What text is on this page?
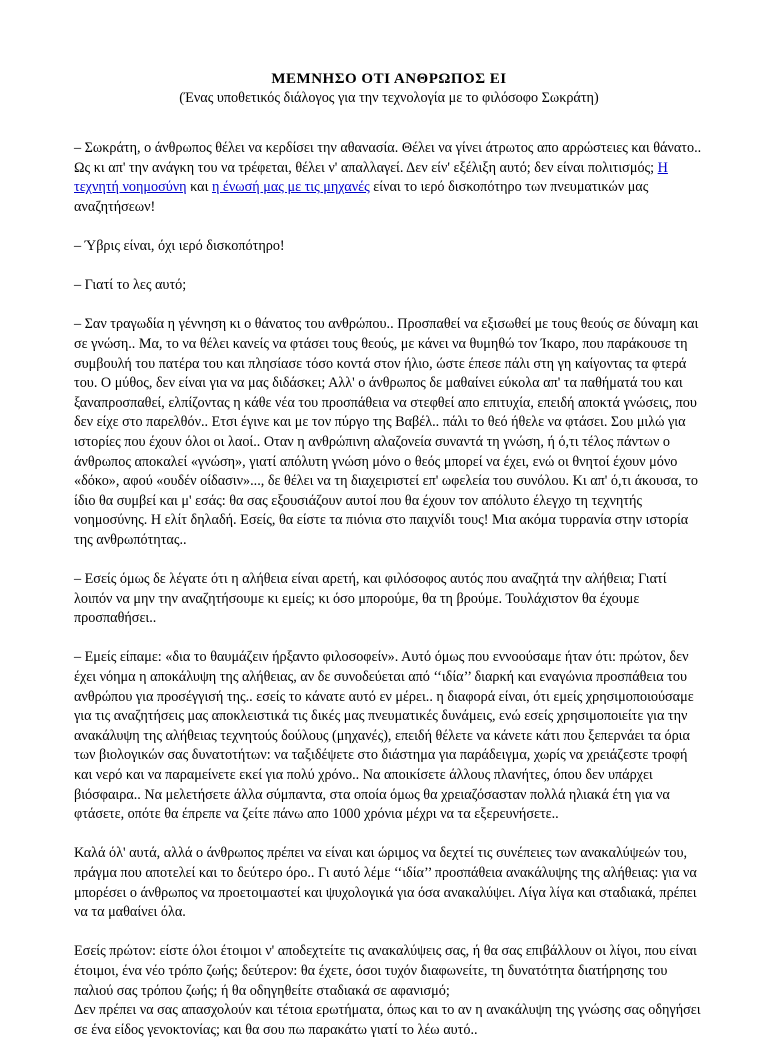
ΜΕΜΝΗΣΟ ΟΤΙ ΑΝΘΡΩΠΟΣ ΕΙ

(Ένας υποθετικός διάλογος για την τεχνολογία με το φιλόσοφο Σωκράτη)

– Σωκράτη, ο άνθρωπος θέλει να κερδίσει την αθανασία. Θέλει να γίνει άτρωτος απο αρρώστειες και θάνατο.. Ως κι απ' την ανάγκη του να τρέφεται, θέλει ν' απαλλαγεί. Δεν είν' εξέλιξη αυτό; δεν είναι πολιτισμός; Η τεχνητή νοημοσύνη και η ένωσή μας με τις μηχανές είναι το ιερό δισκοπότηρο των πνευματικών μας αναζητήσεων!

– Ύβρις είναι, όχι ιερό δισκοπότηρο!

– Γιατί το λες αυτό;

– Σαν τραγωδία η γέννηση κι ο θάνατος του ανθρώπου.. Προσπαθεί να εξισωθεί με τους θεούς σε δύναμη και σε γνώση.. Μα, το να θέλει κανείς να φτάσει τους θεούς, με κάνει να θυμηθώ τον Ίκαρο, που παράκουσε τη συμβουλή του πατέρα του και πλησίασε τόσο κοντά στον ήλιο, ώστε έπεσε πάλι στη γη καίγοντας τα φτερά του. Ο μύθος, δεν είναι για να μας διδάσκει; Αλλ' ο άνθρωπος δε μαθαίνει εύκολα απ' τα παθήματά του και ξαναπροσπαθεί, ελπίζοντας η κάθε νέα του προσπάθεια να στεφθεί απο επιτυχία, επειδή αποκτά γνώσεις, που δεν είχε στο παρελθόν.. Ετσι έγινε και με τον πύργο της Βαβέλ.. πάλι το θεό ήθελε να φτάσει. Σου μιλώ για ιστορίες που έχουν όλοι οι λαοί.. Οταν η ανθρώπινη αλαζονεία συναντά τη γνώση, ή ό,τι τέλος πάντων ο άνθρωπος αποκαλεί «γνώση», γιατί απόλυτη γνώση μόνο ο θεός μπορεί να έχει, ενώ οι θνητοί έχουν μόνο «δόκο», αφού «ουδέν οίδασιν»..., δε θέλει να τη διαχειριστεί επ' ωφελεία του συνόλου. Κι απ' ό,τι άκουσα, το ίδιο θα συμβεί και μ' εσάς: θα σας εξουσιάζουν αυτοί που θα έχουν τον απόλυτο έλεγχο τη τεχνητής νοημοσύνης. Η ελίτ δηλαδή. Εσείς, θα είστε τα πιόνια στο παιχνίδι τους! Μια ακόμα τυρρανία στην ιστορία της ανθρωπότητας..

– Εσείς όμως δε λέγατε ότι η αλήθεια είναι αρετή, και φιλόσοφος αυτός που αναζητά την αλήθεια; Γιατί λοιπόν να μην την αναζητήσουμε κι εμείς; κι όσο μπορούμε, θα τη βρούμε. Τουλάχιστον θα έχουμε προσπαθήσει..

– Εμείς είπαμε: «δια το θαυμάζειν ήρξαντο φιλοσοφείν». Αυτό όμως που εννοούσαμε ήταν ότι: πρώτον, δεν έχει νόημα η αποκάλυψη της αλήθειας, αν δε συνοδεύεται από ‘‘ιδία’’ διαρκή και εναγώνια προσπάθεια του ανθρώπου για προσέγγισή της.. εσείς το κάνατε αυτό εν μέρει.. η διαφορά είναι, ότι εμείς χρησιμοποιούσαμε για τις αναζητήσεις μας αποκλειστικά τις δικές μας πνευματικές δυνάμεις, ενώ εσείς χρησιμοποιείτε για την ανακάλυψη της αλήθειας τεχνητούς δούλους (μηχανές), επειδή θέλετε να κάνετε κάτι που ξεπερνάει τα όρια των βιολογικών σας δυνατοτήτων: να ταξιδέψετε στο διάστημα για παράδειγμα, χωρίς να χρειάζεστε τροφή και νερό και να παραμείνετε εκεί για πολύ χρόνο.. Να αποικίσετε άλλους πλανήτες, όπου δεν υπάρχει βιόσφαιρα.. Να μελετήσετε άλλα σύμπαντα, στα οποία όμως θα χρειαζόσασταν πολλά ηλιακά έτη για να φτάσετε, οπότε θα έπρεπε να ζείτε πάνω απο 1000 χρόνια μέχρι να τα εξερευνήσετε..

Καλά όλ' αυτά, αλλά ο άνθρωπος πρέπει να είναι και ώριμος να δεχτεί τις συνέπειες των ανακαλύψεών του, πράγμα που αποτελεί και το δεύτερο όρο.. Γι αυτό λέμε ‘‘ιδία’’ προσπάθεια ανακάλυψης της αλήθειας: για να μπορέσει ο άνθρωπος να προετοιμαστεί και ψυχολογικά για όσα ανακαλύψει. Λίγα λίγα και σταδιακά, πρέπει να τα μαθαίνει όλα.

Εσείς πρώτον: είστε όλοι έτοιμοι ν' αποδεχτείτε τις ανακαλύψεις σας, ή θα σας επιβάλλουν οι λίγοι, που είναι έτοιμοι, ένα νέο τρόπο ζωής; δεύτερον: θα έχετε, όσοι τυχόν διαφωνείτε, τη δυνατότητα διατήρησης του παλιού σας τρόπου ζωής; ή θα οδηγηθείτε σταδιακά σε αφανισμό;

Δεν πρέπει να σας απασχολούν και τέτοια ερωτήματα, όπως και το αν η ανακάλυψη της γνώσης σας οδηγήσει σε ένα είδος γενοκτονίας; και θα σου πω παρακάτω γιατί το λέω αυτό..
